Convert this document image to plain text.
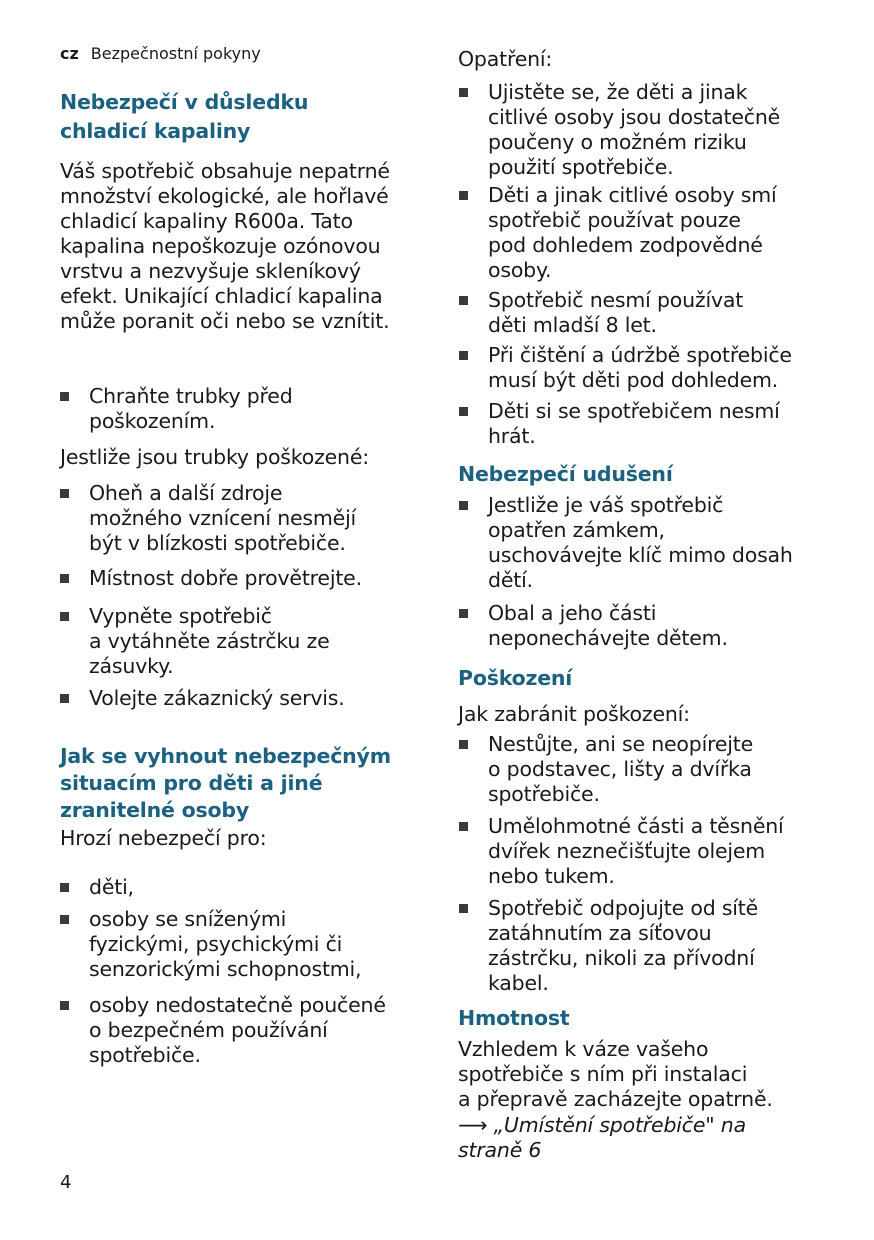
cz Bezpečnostní pokyny
Nebezpečí v důsledku
chladicí kapaliny
Váš spotřebič obsahuje nepatrné
množství ekologické, ale hořlavé
chladicí kapaliny R600a. Tato
kapalina nepoškozuje ozónovou
vrstvu a nezvyšuje skleníkový
efekt. Unikající chladicí kapalina
může poranit oči nebo se vznítit.
Chraňte trubky před
poškozením.
Jestliže jsou trubky poškozené:
Oheň a další zdroje
možného vznícení nesmějí
být v blízkosti spotřebiče.
Místnost dobře provětrejte.
Vypněte spotřebič
a vytáhněte zástrčku ze
zásuvky.
Volejte zákaznický servis.
Jak se vyhnout nebezpečným
situacím pro děti a jiné
zranitelné osoby
Hrozí nebezpečí pro:
děti,
osoby se sníženými
fyzickými, psychickými či
senzorickými schopnostmi,
osoby nedostatečně poučené
o bezpečném používání
spotřebiče.
4
Opatření:
Ujistěte se, že děti a jinak
citlivé osoby jsou dostatečně
poučeny o možném riziku
použití spotřebiče.
Děti a jinak citlivé osoby smí
spotřebič používat pouze
pod dohledem zodpovědné
osoby.
Spotřebič nesmí používat
děti mladší 8 let.
Při čištění a údržbě spotřebiče
musí být děti pod dohledem.
Děti si se spotřebičem nesmí
hrát.
Nebezpečí udušení
Jestliže je váš spotřebič
opatřen zámkem,
uschovávejte klíč mimo dosah
dětí.
Obal a jeho části
neponechávejte dětem.
Poškození
Jak zabránit poškození:
Nestůjte, ani se neopírejte
o podstavec, lišty a dvířka
spotřebiče.
Umělohmotné části a těsnění
dvířek neznečišťujte olejem
nebo tukem.
Spotřebič odpojujte od sítě
zatáhnutím za síťovou
zástrčku, nikoli za přívodní
kabel.
Hmotnost
Vzhledem k váze vašeho
spotřebiče s ním při instalaci
a přepravě zacházejte opatrně.
⟶ „Umístění spotřebiče" na
straně 6
